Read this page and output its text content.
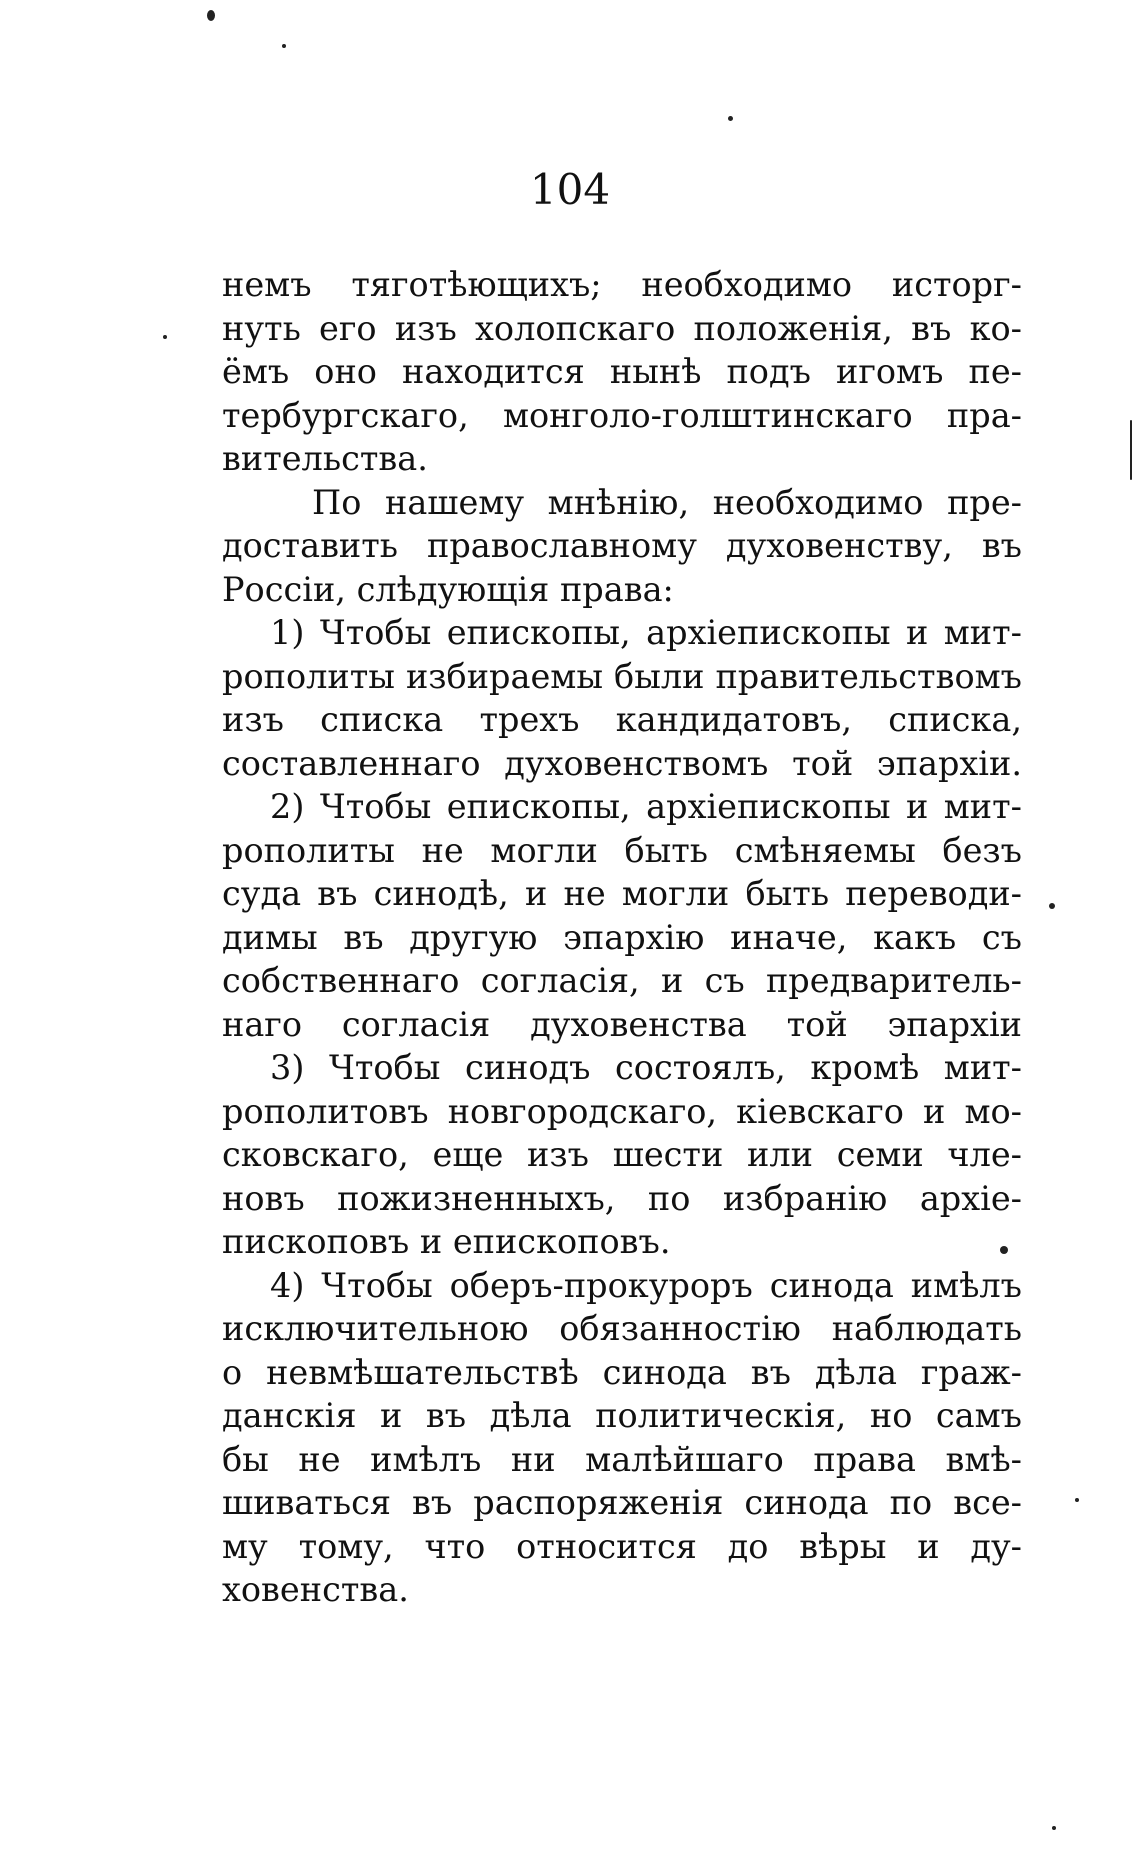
104
немъ тяготѣющихъ; необходимо исторг-
нуть его изъ холопскаго положенія, въ ко-
ёмъ оно находится нынѣ подъ игомъ пе-
тербургскаго, монголо-голштинскаго пра-
вительства.
По нашему мнѣнію, необходимо пре-
доставить православному духовенству, въ
Россіи, слѣдующія права:
1) Чтобы епископы, архіепископы и мит-
рополиты избираемы были правительствомъ
изъ списка трехъ кандидатовъ, списка,
составленнаго духовенствомъ той эпархіи.
2) Чтобы епископы, архіепископы и мит-
рополиты не могли быть смѣняемы безъ
суда въ синодѣ, и не могли быть переводи-
димы въ другую эпархію иначе, какъ съ
собственнаго согласія, и съ предваритель-
наго согласія духовенства той эпархіи
3) Чтобы синодъ состоялъ, кромѣ мит-
рополитовъ новгородскаго, кіевскаго и мо-
сковскаго, еще изъ шести или семи чле-
новъ пожизненныхъ, по избранію архіе-
пископовъ и епископовъ.
4) Чтобы оберъ-прокуроръ синода имѣлъ
исключительною обязанностію наблюдать
о невмѣшательствѣ синода въ дѣла граж-
данскія и въ дѣла политическія, но самъ
бы не имѣлъ ни малѣйшаго права вмѣ-
шиваться въ распоряженія синода по все-
му тому, что относится до вѣры и ду-
ховенства.
